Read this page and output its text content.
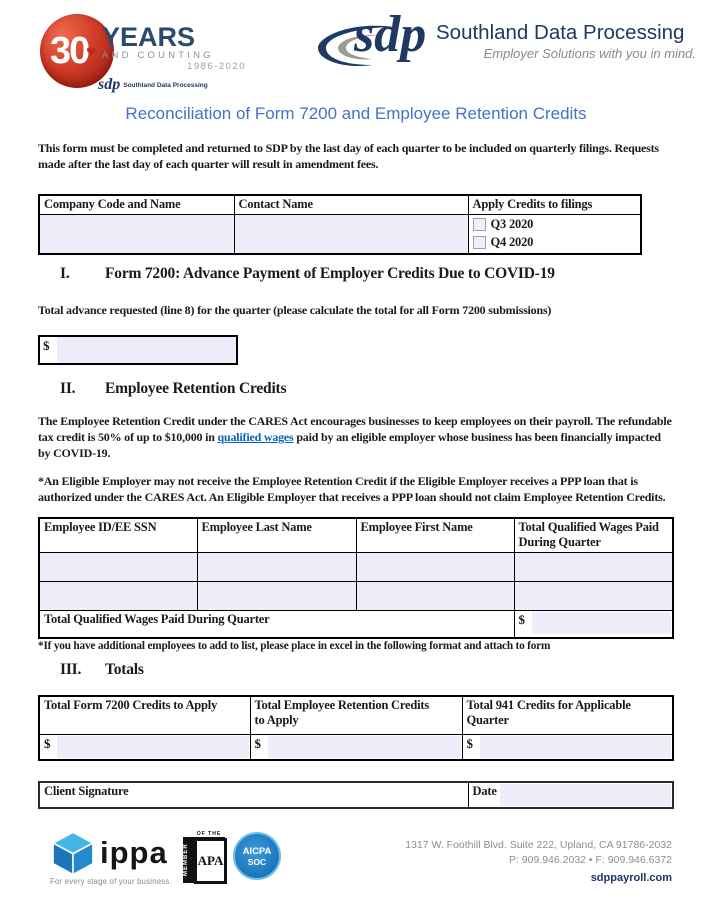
30
♥ YEARS
AND COUNTING
1986-2020
sdp Southland Data Processing
sdp Southland Data Processing
Employer Solutions with you in mind.
Reconciliation of Form 7200 and Employee Retention Credits
This form must be completed and returned to SDP by the last day of each quarter to be included on quarterly filings. Requests made after the last day of each quarter will result in amendment fees.
Company Code and Name	Contact Name	Apply Credits to filings

		Q3 2020
Q4 2020
I.	Form 7200: Advance Payment of Employer Credits Due to COVID-19
Total advance requested (line 8) for the quarter (please calculate the total for all Form 7200 submissions)
$
II.	Employee Retention Credits
The Employee Retention Credit under the CARES Act encourages businesses to keep employees on their payroll. The refundable tax credit is 50% of up to $10,000 in qualified wages paid by an eligible employer whose business has been financially impacted by COVID-19.
*An Eligible Employer may not receive the Employee Retention Credit if the Eligible Employer receives a PPP loan that is authorized under the CARES Act. An Eligible Employer that receives a PPP loan should not claim Employee Retention Credits.
Employee ID/EE SSN	Employee Last Name	Employee First Name	Total Qualified Wages Paid During Quarter

Total Qualified Wages Paid During Quarter			$
*If you have additional employees to add to list, please place in excel in the following format and attach to form
III.	Totals
Total Form 7200 Credits to Apply	Total Employee Retention Credits to Apply	Total 941 Credits for Applicable Quarter

$	$	$
Client Signature	Date
ippa
For every stage of your business.
OF THE
MEMBER APA
AICPA
SOC
1317 W. Foothill Blvd. Suite 222, Upland, CA 91786-2032
P: 909.946.2032 • F: 909.946.6372
sdppayroll.com
